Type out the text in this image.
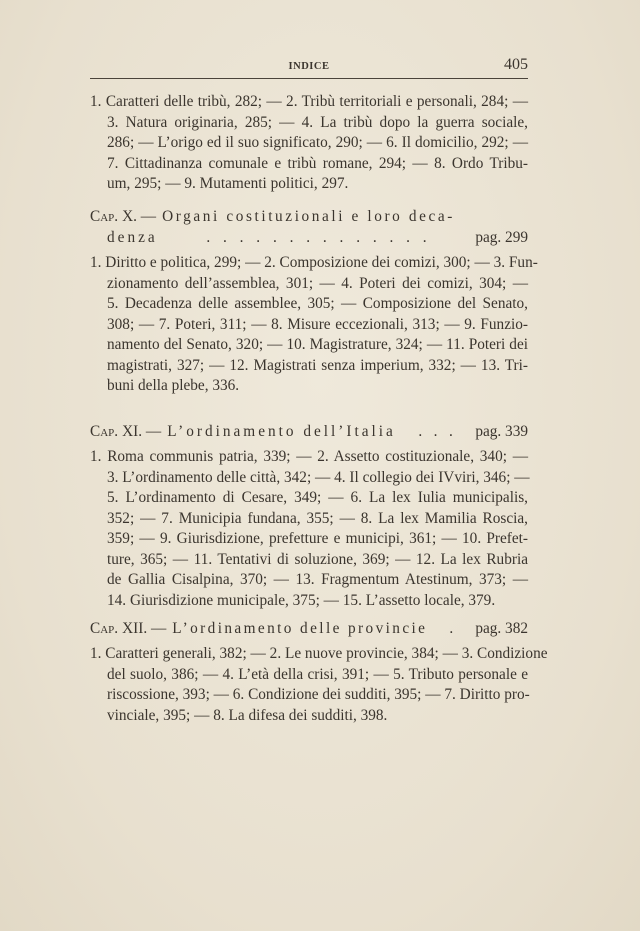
INDICE	405
1. Caratteri delle tribù, 282; — 2. Tribù territoriali e personali, 284; —
3. Natura originaria, 285; — 4. La tribù dopo la guerra sociale,
286; — L’origo ed il suo significato, 290; — 6. Il domicilio, 292; —
7. Cittadinanza comunale e tribù romane, 294; — 8. Ordo Tribu-
um, 295; — 9. Mutamenti politici, 297.
Cap. X. — Organi costituzionali e loro deca-
denza	. . . . . . . . . . . . . .	pag. 299
1. Diritto e politica, 299; — 2. Composizione dei comizi, 300; — 3. Fun-
zionamento dell’assemblea, 301; — 4. Poteri dei comizi, 304; —
5. Decadenza delle assemblee, 305; — Composizione del Senato,
308; — 7. Poteri, 311; — 8. Misure eccezionali, 313; — 9. Funzio-
namento del Senato, 320; — 10. Magistrature, 324; — 11. Poteri dei
magistrati, 327; — 12. Magistrati senza imperium, 332; — 13. Tri-
buni della plebe, 336.
Cap. XI. — L’ordinamento dell’Italia	.   .   .	pag. 339
1. Roma communis patria, 339; — 2. Assetto costituzionale, 340; —
3. L’ordinamento delle città, 342; — 4. Il collegio dei IVviri, 346; —
5. L’ordinamento di Cesare, 349; — 6. La lex Iulia municipalis,
352; — 7. Municipia fundana, 355; — 8. La lex Mamilia Roscia,
359; — 9. Giurisdizione, prefetture e municipi, 361; — 10. Prefet-
ture, 365; — 11. Tentativi di soluzione, 369; — 12. La lex Rubria
de Gallia Cisalpina, 370; — 13. Fragmentum Atestinum, 373; —
14. Giurisdizione municipale, 375; — 15. L’assetto locale, 379.
Cap. XII. — L’ordinamento delle provincie	.	pag. 382
1. Caratteri generali, 382; — 2. Le nuove provincie, 384; — 3. Condizione
del suolo, 386; — 4. L’età della crisi, 391; — 5. Tributo personale e
riscossione, 393; — 6. Condizione dei sudditi, 395; — 7. Diritto pro-
vinciale, 395; — 8. La difesa dei sudditi, 398.
